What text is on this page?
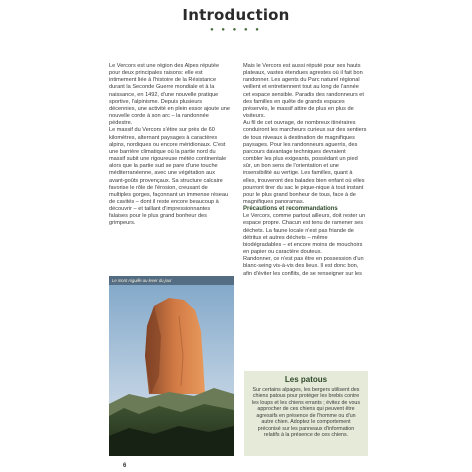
Introduction
● ● ● ● ●

Le Vercors est une région des Alpes réputée pour deux principales raisons: elle est intimement liée à l'histoire de la Résistance durant la Seconde Guerre mondiale et à la naissance, en 1492, d'une nouvelle pratique sportive, l'alpinisme. Depuis plusieurs décennies, une activité en plein essor ajoute une nouvelle corde à son arc – la randonnée pédestre.

Le massif du Vercors s'étire sur près de 60 kilomètres, alternant paysages à caractères alpins, nordiques ou encore méridionaux. C'est une barrière climatique où la partie nord du massif subit une rigoureuse météo continentale alors que la partie sud se pare d'une touche méditerranéenne, avec une végétation aux avant-goûts provençaux. Sa structure calcaire favorise le rôle de l'érosion, creusant de multiples gorges, façonnant un immense réseau de cavités – dont il reste encore beaucoup à découvrir – et taillant d'impressionnantes falaises pour le plus grand bonheur des grimpeurs.

Le mont Aiguille au lever du jour

Mais le Vercors est aussi réputé pour ses hauts plateaux, vastes étendues agrestes où il fait bon randonner. Les agents du Parc naturel régional veillent et entretiennent tout au long de l'année cet espace sensible. Paradis des randonneurs et des familles en quête de grands espaces préservés, le massif attire de plus en plus de visiteurs.

Au fil de cet ouvrage, de nombreux itinéraires conduiront les marcheurs curieux sur des sentiers de tous niveaux à destination de magnifiques paysages. Pour les randonneurs aguerris, des parcours davantage techniques devraient combler les plus exigeants, possédant un pied sûr, un bon sens de l'orientation et une insensibilité au vertige. Les familles, quant à elles, trouveront des balades bien enfant où elles pourront tirer du sac le pique-nique à tout instant pour le plus grand bonheur de tous, face à de magnifiques panoramas.

Précautions et recommandations

Le Vercors, comme partout ailleurs, doit rester un espace propre. Chacun est tenu de ramener ses déchets. La faune locale n'est pas friande de détritus et autres déchets – même biodégradables – et encore moins de mouchoirs en papier ou caractère douteux.

Randonner, ce n'est pas être en possession d'un blanc-seing vis-à-vis des lieux. Il est donc bon, afin d'éviter les conflits, de se renseigner sur les

Les patous
Sur certains alpages, les bergers utilisent des chiens patous pour protéger les brebis contre les loups et les chiens errants ; évitez de vous approcher de ces chiens qui peuvent être agressifs en présence de l'homme ou d'un autre chien. Adoptez le comportement préconisé sur les panneaux d'information relatifs à la présence de ces chiens.
6
